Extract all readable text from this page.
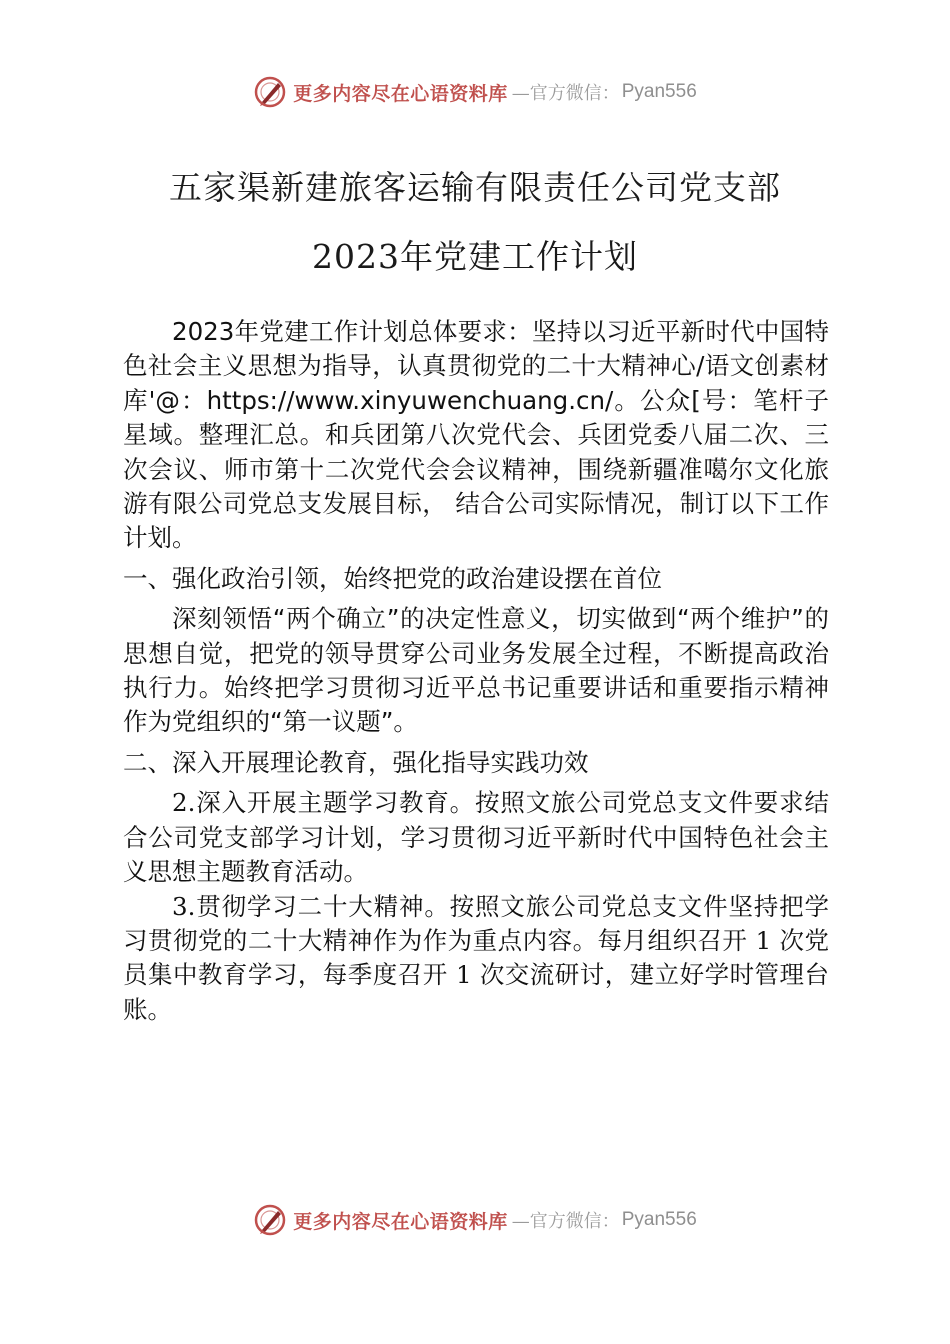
更多内容尽在心语资料库 —官方微信： Pyan556
五家渠新建旅客运输有限责任公司党支部
2023年党建工作计划

2023年党建工作计划总体要求：坚持以习近平新时代中国特色社会主义思想为指导，认真贯彻党的二十大精神心/语文创素材库'@：https://www.xinyuwenchuang.cn/。公众[号：笔杆子星域。整理汇总。和兵团第八次党代会、兵团党委八届二次、三次会议、师市第十二次党代会会议精神，围绕新疆准噶尔文化旅游有限公司党总支发展目标， 结合公司实际情况，制订以下工作计划。

一、强化政治引领，始终把党的政治建设摆在首位

深刻领悟“两个确立”的决定性意义，切实做到“两个维护”的思想自觉，把党的领导贯穿公司业务发展全过程，不断提高政治执行力。始终把学习贯彻习近平总书记重要讲话和重要指示精神作为党组织的“第一议题”。

二、深入开展理论教育，强化指导实践功效

2.深入开展主题学习教育。按照文旅公司党总支文件要求结合公司党支部学习计划，学习贯彻习近平新时代中国特色社会主义思想主题教育活动。

3.贯彻学习二十大精神。按照文旅公司党总支文件坚持把学习贯彻党的二十大精神作为作为重点内容。每月组织召开 1 次党员集中教育学习，每季度召开 1 次交流研讨，建立好学时管理台账。

更多内容尽在心语资料库 —官方微信： Pyan556
